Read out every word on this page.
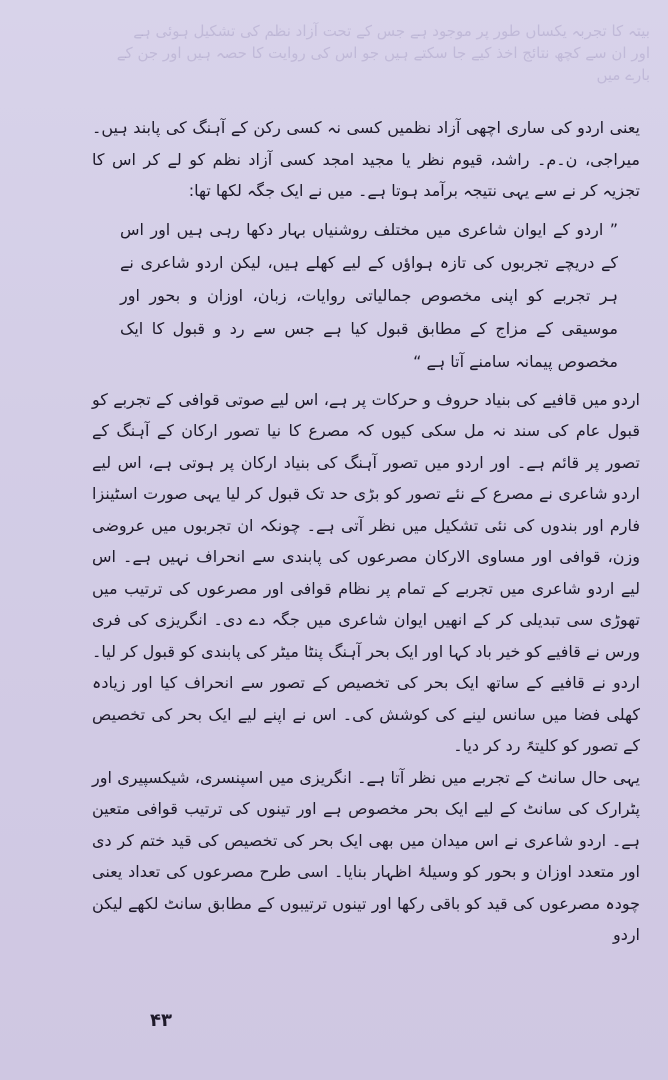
بیتہ کا تجربہ یکساں طور پر موجود ہے جس کے تحت آزاد نظم کی تشکیل ہوئی ہے اور ان سے کچھ نتائج اخذ کیے جا سکتے ہیں جو اس کی روایت کا حصہ ہیں اور جن کے بارے میں

یعنی اردو کی ساری اچھی آزاد نظمیں کسی نہ کسی رکن کے آہنگ کی پابند ہیں۔ میراجی، ن۔م۔ راشد، قیوم نظر یا مجید امجد کسی آزاد نظم کو لے کر اس کا تجزیہ کر نے سے یہی نتیجہ برآمد ہوتا ہے۔ میں نے ایک جگہ لکھا تھا:

” اردو کے ایوان شاعری میں مختلف روشنیاں بہار دکھا رہی ہیں اور اس کے دریچے تجربوں کی تازہ ہواؤں کے لیے کھلے ہیں، لیکن اردو شاعری نے ہر تجربے کو اپنی مخصوص جمالیاتی روایات، زبان، اوزان و بحور اور موسیقی کے مزاج کے مطابق قبول کیا ہے جس سے رد و قبول کا ایک مخصوص پیمانہ سامنے آتا ہے “

اردو میں قافیے کی بنیاد حروف و حرکات پر ہے، اس لیے صوتی قوافی کے تجربے کو قبول عام کی سند نہ مل سکی کیوں کہ مصرع کا نیا تصور ارکان کے آہنگ کے تصور پر قائم ہے۔ اور اردو میں تصور آہنگ کی بنیاد ارکان پر ہوتی ہے، اس لیے اردو شاعری نے مصرع کے نئے تصور کو بڑی حد تک قبول کر لیا یہی صورت اسٹینزا فارم اور بندوں کی نئی تشکیل میں نظر آتی ہے۔ چونکہ ان تجربوں میں عروضی وزن، قوافی اور مساوی الارکان مصرعوں کی پابندی سے انحراف نہیں ہے۔ اس لیے اردو شاعری میں تجربے کے تمام پر نظام قوافی اور مصرعوں کی ترتیب میں تھوڑی سی تبدیلی کر کے انھیں ایوان شاعری میں جگہ دے دی۔ انگریزی کی فری ورس نے قافیے کو خیر باد کہا اور ایک بحر آہنگ پنٹا میٹر کی پابندی کو قبول کر لیا۔ اردو نے قافیے کے ساتھ ایک بحر کی تخصیص کے تصور سے انحراف کیا اور زیادہ کھلی فضا میں سانس لینے کی کوشش کی۔ اس نے اپنے لیے ایک بحر کی تخصیص کے تصور کو کلیتہً رد کر دیا۔

یہی حال سانٹ کے تجربے میں نظر آتا ہے۔ انگریزی میں اسپنسری، شیکسپیری اور پٹرارک کی سانٹ کے لیے ایک بحر مخصوص ہے اور تینوں کی ترتیب قوافی متعین ہے۔ اردو شاعری نے اس میدان میں بھی ایک بحر کی تخصیص کی قید ختم کر دی اور متعدد اوزان و بحور کو وسیلۂ اظہار بنایا۔ اسی طرح مصرعوں کی تعداد یعنی چودہ مصرعوں کی قید کو باقی رکھا اور تینوں ترتیبوں کے مطابق سانٹ لکھے لیکن اردو

۴۳
